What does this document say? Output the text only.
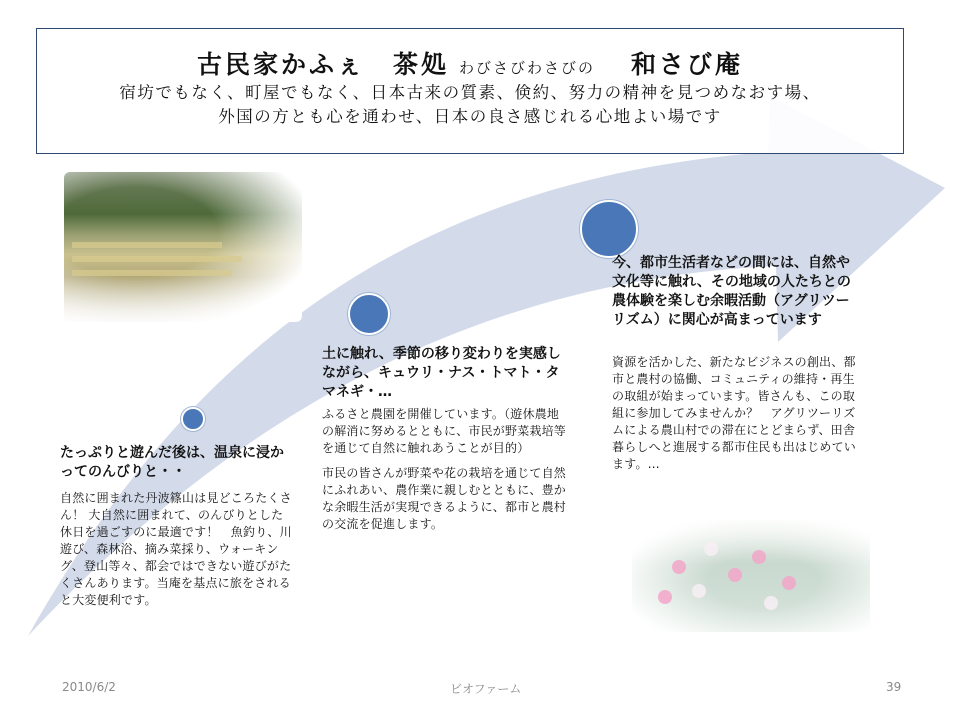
古民家かふぇ　茶処 わびさびわさびの 和さび庵
宿坊でもなく、町屋でもなく、日本古来の質素、倹約、努力の精神を見つめなおす場、
外国の方とも心を通わせ、日本の良さ感じれる心地よい場です
たっぷりと遊んだ後は、温泉に浸かってのんびりと・・

自然に囲まれた丹波篠山は見どころたくさん！ 大自然に囲まれて、のんびりとした休日を過ごすのに最適です！　魚釣り、川遊び、森林浴、摘み菜採り、ウォーキング、登山等々、都会ではできない遊びがたくさんあります。当庵を基点に旅をされると大変便利です。

土に触れ、季節の移り変わりを実感しながら、キュウリ・ナス・トマト・タマネギ・…

ふるさと農園を開催しています。（遊休農地の解消に努めるとともに、市民が野菜栽培等を通じて自然に触れあうことが目的）

市民の皆さんが野菜や花の栽培を通じて自然にふれあい、農作業に親しむとともに、豊かな余暇生活が実現できるように、都市と農村の交流を促進します。

今、都市生活者などの間には、自然や文化等に触れ、その地域の人たちとの農体験を楽しむ余暇活動（アグリツーリズム）に関心が高まっています

資源を活かした、新たなビジネスの創出、都市と農村の協働、コミュニティの維持・再生の取組が始まっています。皆さんも、この取組に参加してみませんか？　アグリツーリズムによる農山村での滞在にとどまらず、田舎暮らしへと進展する都市住民も出はじめています。…

2010/6/2	ビオファーム	39
